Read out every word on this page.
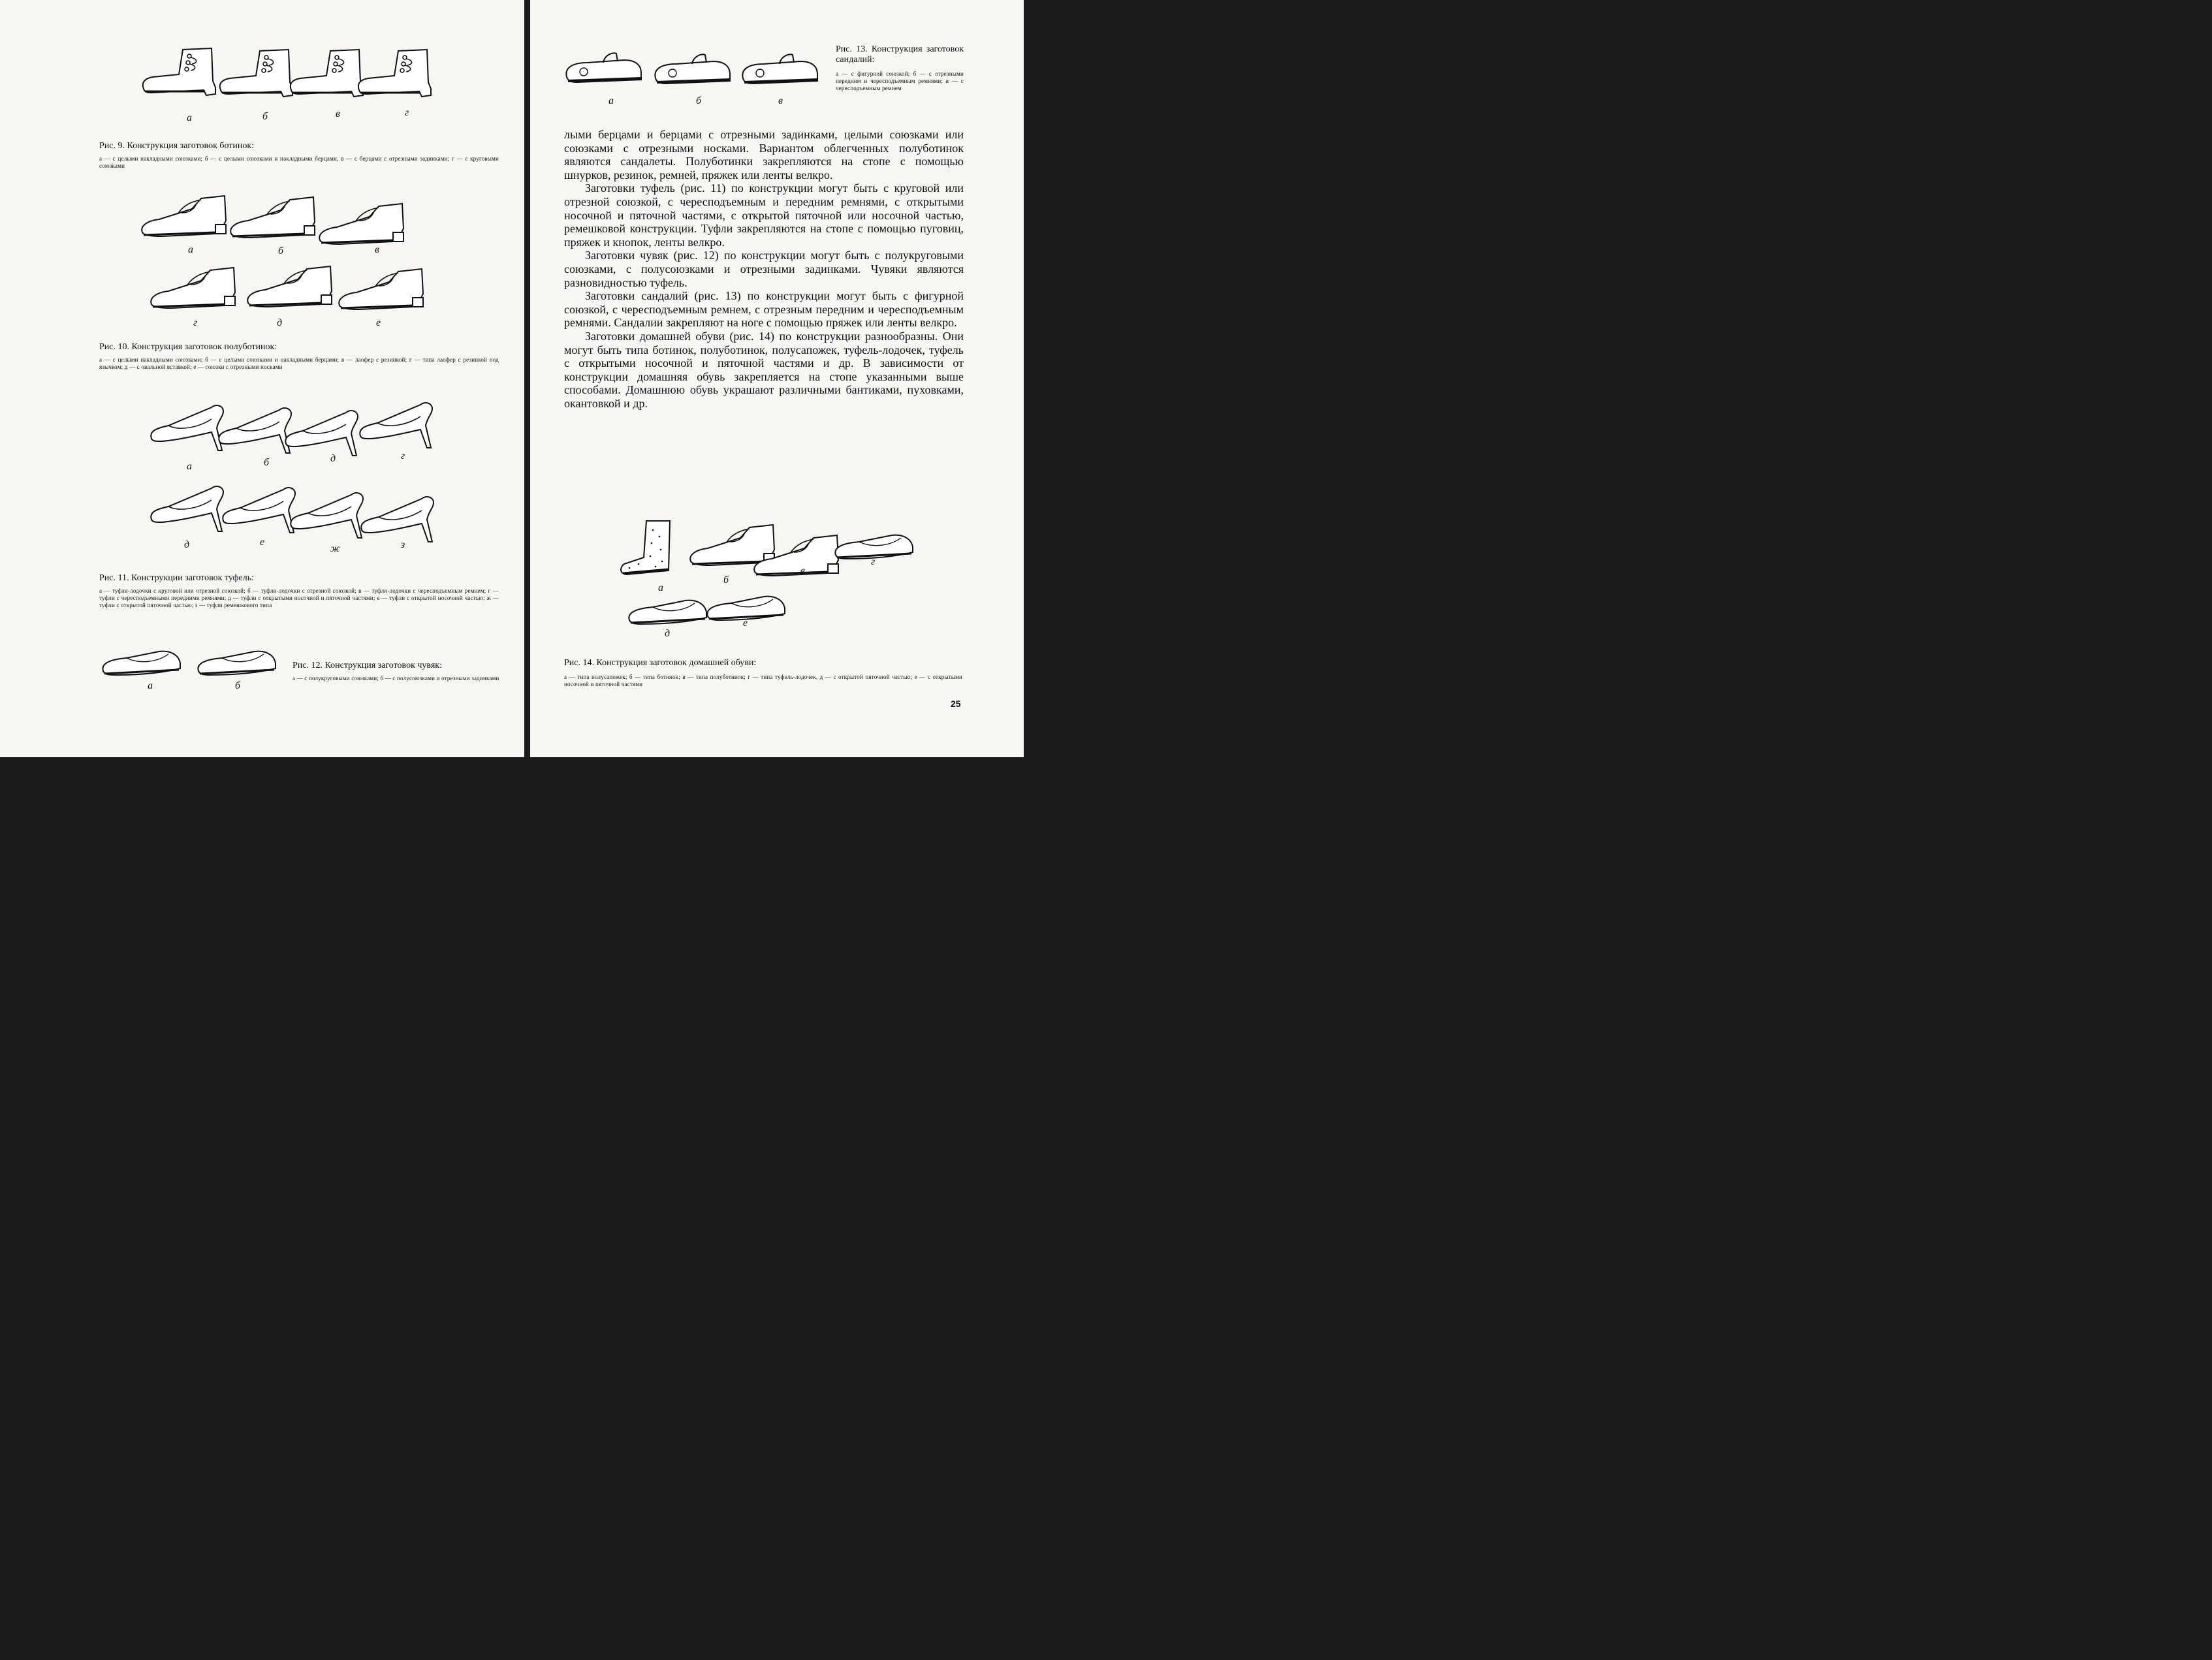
а	б	в	г
Рис. 9. Конструкция заготовок ботинок:
а — с целыми накладными союзками; б — с целыми союзками и накладными берцами, в — с берцами с отрезными задинками; г — с круговыми союзками
а	б	в
г	д	е
Рис. 10. Конструкция заготовок полуботинок:
а — с целыми накладными союзками; б — с целыми союзками и накладными берцами; в — лаофер с резинкой; г — типа лаофер с резинкой под язычком; д — с овальной вставкой; е — союзки с отрезными носками
а	б	д	г
д	е
ж	з
Рис. 11. Конструкции заготовок туфель:
а — туфли-лодочки с круговой или отрезной союзкой; б — туфли-лодочки с отрезной союзкой; в — туфли-лодочки с чересподъемным ремнем; г — туфли с чересподъемными передними ремнями; д — туфли с открытыми носочной и пяточной частями; е — туфли с открытой носочной частью; ж — туфли с открытой пяточной частью; з — туфли ремешкового типа
а	б
Рис. 12. Конструкция заготовок чувяк:
а — с полукруговыми союзками; б — с полусоюзками и отрезными задинками
а	б	в
Рис. 13. Конструкция заготовок сандалий:
а — с фигурной союзкой; б — с отрезными передним и чересподъемным ремнями; в — с чересподъемным ремнем

лыми берцами и берцами с отрезными задинками, целыми союзками или союзками с отрезными носками. Вариантом облегченных полуботинок являются сандалеты. Полуботинки закрепляются на стопе с помощью шнурков, резинок, ремней, пряжек или ленты велкро.

Заготовки туфель (рис. 11) по конструкции могут быть с круговой или отрезной союзкой, с чересподъемным и передним ремнями, с открытыми носочной и пяточной частями, с открытой пяточной или носочной частью, ремешковой конструкции. Туфли закрепляются на стопе с помощью пуговиц, пряжек и кнопок, ленты велкро.

Заготовки чувяк (рис. 12) по конструкции могут быть с полукруговыми союзками, с полусоюзками и отрезными задинками. Чувяки являются разновидностью туфель.

Заготовки сандалий (рис. 13) по конструкции могут быть с фигурной союзкой, с чересподъемным ремнем, с отрезным передним и чересподъемным ремнями. Сандалии закрепляют на ноге с помощью пряжек или ленты велкро.

Заготовки домашней обуви (рис. 14) по конструкции разнообразны. Они могут быть типа ботинок, полуботинок, полусапожек, туфель-лодочек, туфель с открытыми носочной и пяточной частями и др. В зависимости от конструкции домашняя обувь закрепляется на стопе указанными выше способами. Домашнюю обувь украшают различными бантиками, пуховками, окантовкой и др.

а
б
в
г
д
е
Рис. 14. Конструкция заготовок домашней обуви:
а — типа полусапожек; б — типа ботинок; в — типа полуботинок; г — типа туфель-лодочек, д — с открытой пяточной частью; е — с открытыми носочной и пяточной частями
25
